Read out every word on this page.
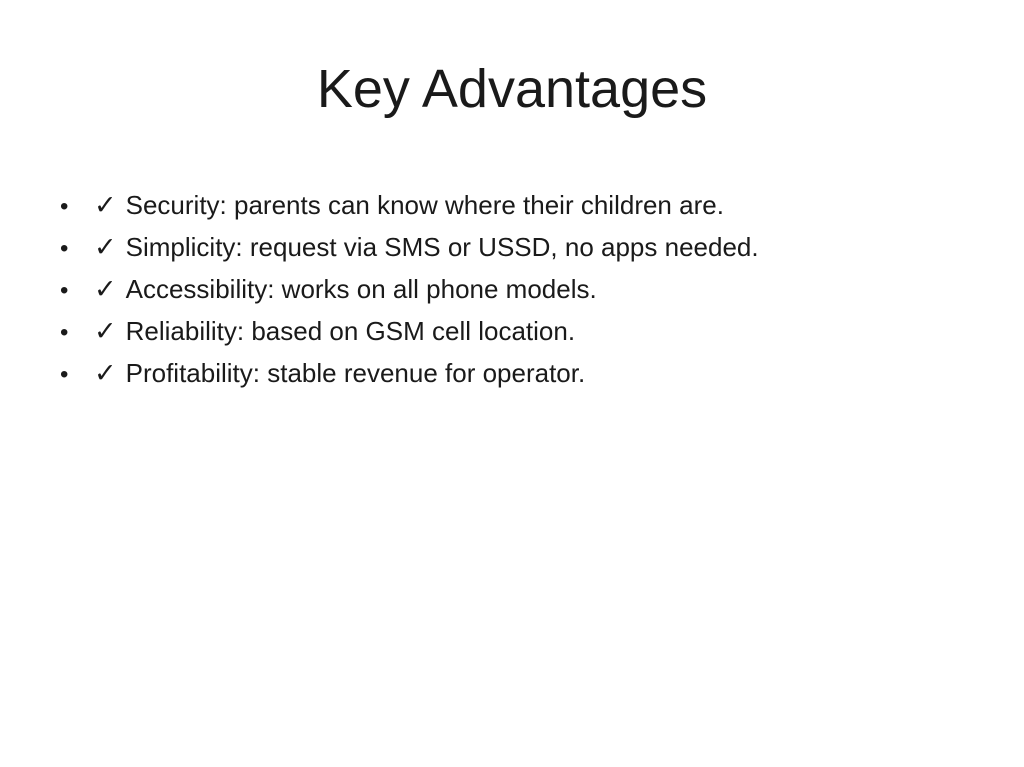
Key Advantages
• ✓ Security: parents can know where their children are.
• ✓ Simplicity: request via SMS or USSD, no apps needed.
• ✓ Accessibility: works on all phone models.
• ✓ Reliability: based on GSM cell location.
• ✓ Profitability: stable revenue for operator.
